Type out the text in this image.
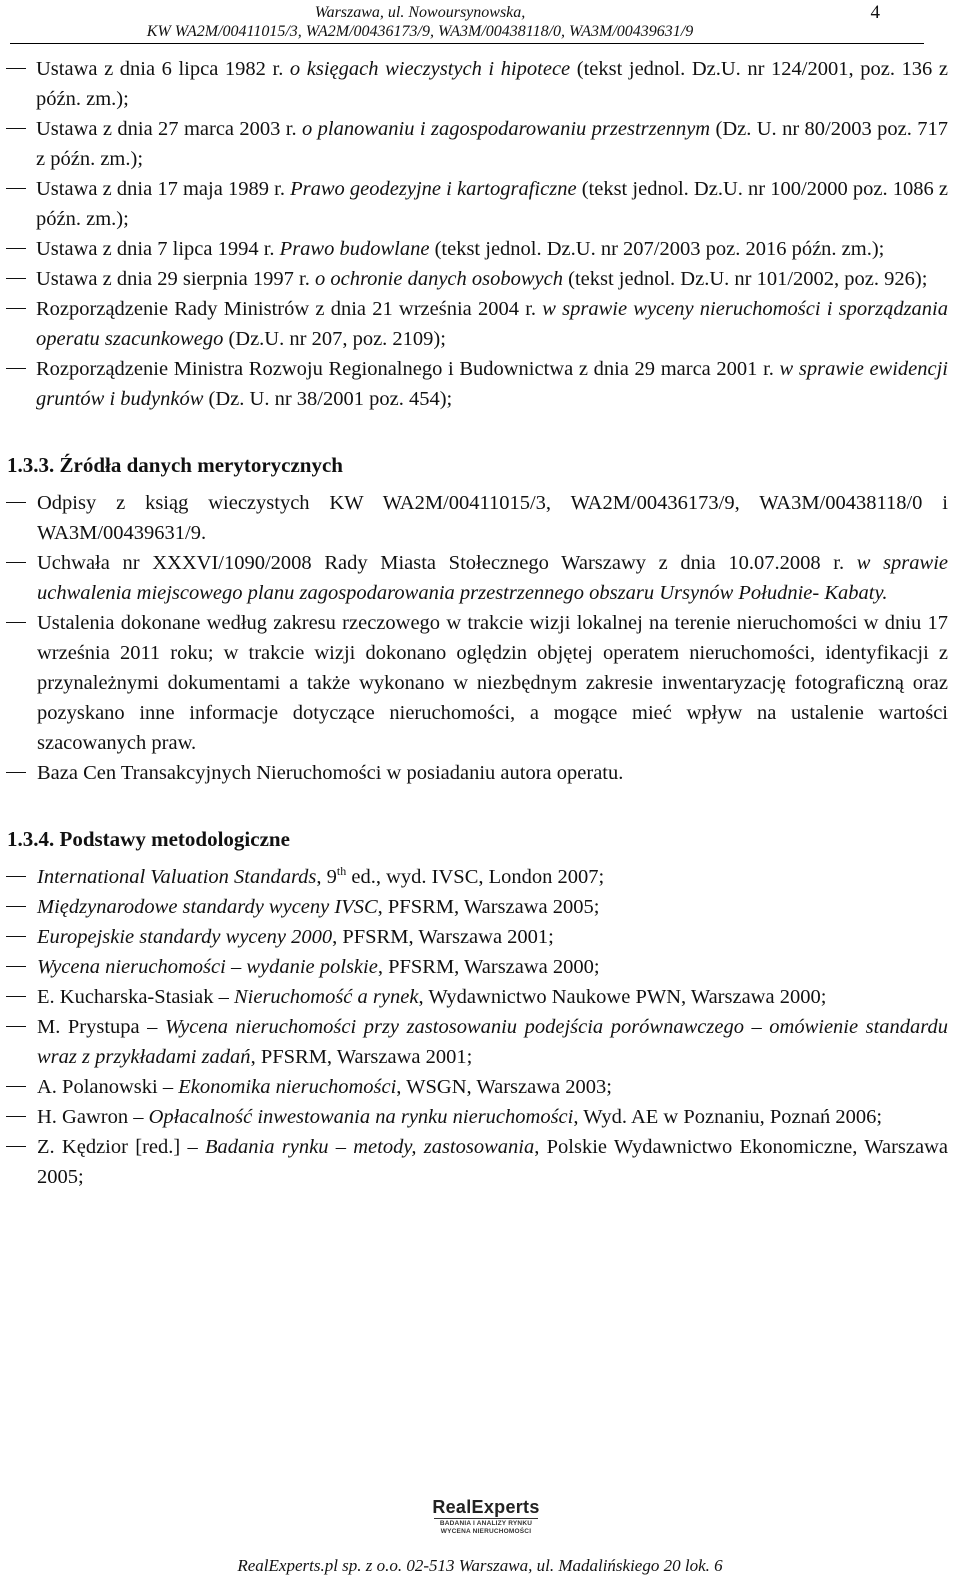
Warszawa, ul. Nowoursynowska,
KW WA2M/00411015/3, WA2M/00436173/9, WA3M/00438118/0, WA3M/00439631/9
4
Ustawa z dnia 6 lipca 1982 r. o księgach wieczystych i hipotece (tekst jednol. Dz.U. nr 124/2001, poz. 136 z późn. zm.);
Ustawa z dnia 27 marca 2003 r. o planowaniu i zagospodarowaniu przestrzennym (Dz. U. nr 80/2003 poz. 717 z późn. zm.);
Ustawa z dnia 17 maja 1989 r. Prawo geodezyjne i kartograficzne (tekst jednol. Dz.U. nr 100/2000 poz. 1086 z późn. zm.);
Ustawa z dnia 7 lipca 1994 r. Prawo budowlane (tekst jednol. Dz.U. nr 207/2003 poz. 2016 późn. zm.);
Ustawa z dnia 29 sierpnia 1997 r. o ochronie danych osobowych (tekst jednol. Dz.U. nr 101/2002, poz. 926);
Rozporządzenie Rady Ministrów z dnia 21 września 2004 r. w sprawie wyceny nieruchomości i sporządzania operatu szacunkowego (Dz.U. nr 207, poz. 2109);
Rozporządzenie Ministra Rozwoju Regionalnego i Budownictwa z dnia 29 marca 2001 r. w sprawie ewidencji gruntów i budynków (Dz. U. nr 38/2001 poz. 454);
1.3.3. Źródła danych merytorycznych
Odpisy z ksiąg wieczystych KW WA2M/00411015/3, WA2M/00436173/9, WA3M/00438118/0 i WA3M/00439631/9.
Uchwała nr XXXVI/1090/2008 Rady Miasta Stołecznego Warszawy z dnia 10.07.2008 r. w sprawie uchwalenia miejscowego planu zagospodarowania przestrzennego obszaru Ursynów Południe- Kabaty.
Ustalenia dokonane według zakresu rzeczowego w trakcie wizji lokalnej na terenie nieruchomości w dniu 17 września 2011 roku; w trakcie wizji dokonano oględzin objętej operatem nieruchomości, identyfikacji z przynależnymi dokumentami a także wykonano w niezbędnym zakresie inwentaryzację fotograficzną oraz pozyskano inne informacje dotyczące nieruchomości, a mogące mieć wpływ na ustalenie wartości szacowanych praw.
Baza Cen Transakcyjnych Nieruchomości w posiadaniu autora operatu.
1.3.4. Podstawy metodologiczne
International Valuation Standards, 9th ed., wyd. IVSC, London 2007;
Międzynarodowe standardy wyceny IVSC, PFSRM, Warszawa 2005;
Europejskie standardy wyceny 2000, PFSRM, Warszawa 2001;
Wycena nieruchomości – wydanie polskie, PFSRM, Warszawa 2000;
E. Kucharska-Stasiak – Nieruchomość a rynek, Wydawnictwo Naukowe PWN, Warszawa 2000;
M. Prystupa – Wycena nieruchomości przy zastosowaniu podejścia porównawczego – omówienie standardu wraz z przykładami zadań, PFSRM, Warszawa 2001;
A. Polanowski – Ekonomika nieruchomości, WSGN, Warszawa 2003;
H. Gawron – Opłacalność inwestowania na rynku nieruchomości, Wyd. AE w Poznaniu, Poznań 2006;
Z. Kędzior [red.] – Badania rynku – metody, zastosowania, Polskie Wydawnictwo Ekonomiczne, Warszawa 2005;
RealExperts
BADANIA I ANALIZY RYNKU
WYCENA NIERUCHOMOŚCI
RealExperts.pl sp. z o.o. 02-513 Warszawa, ul. Madalińskiego 20 lok. 6
